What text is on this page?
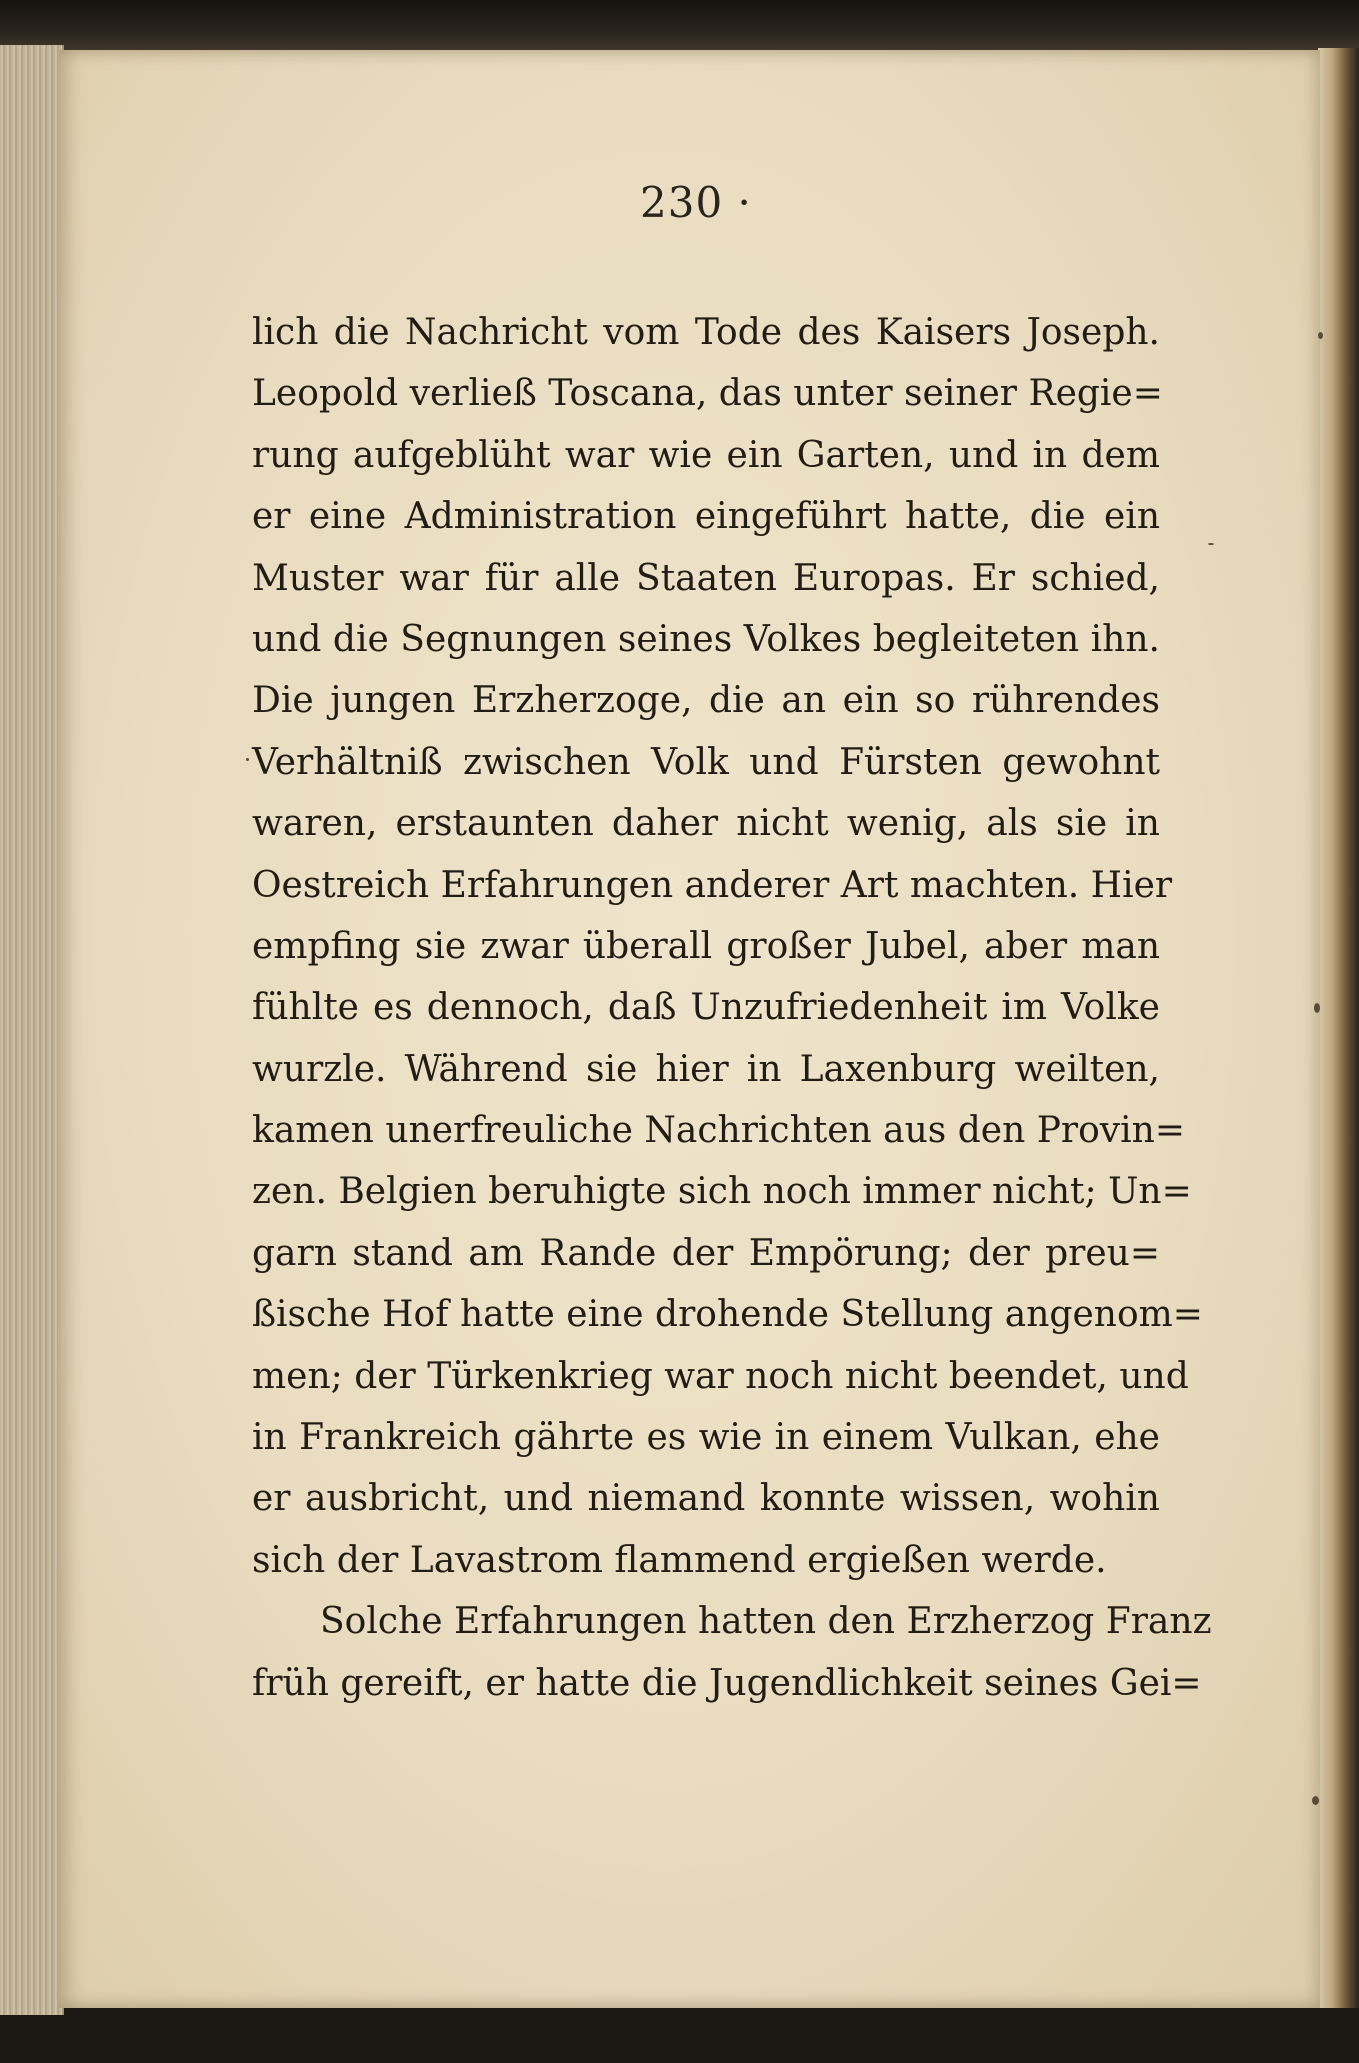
230 ·
lich die Nachricht vom Tode des Kaisers Joseph.
Leopold verließ Toscana, das unter seiner Regie=
rung aufgeblüht war wie ein Garten, und in dem
er eine Administration eingeführt hatte, die ein
Muster war für alle Staaten Europas. Er schied,
und die Segnungen seines Volkes begleiteten ihn.
Die jungen Erzherzoge, die an ein so rührendes
Verhältniß zwischen Volk und Fürsten gewohnt
waren, erstaunten daher nicht wenig, als sie in
Oestreich Erfahrungen anderer Art machten. Hier
empfing sie zwar überall großer Jubel, aber man
fühlte es dennoch, daß Unzufriedenheit im Volke
wurzle. Während sie hier in Laxenburg weilten,
kamen unerfreuliche Nachrichten aus den Provin=
zen. Belgien beruhigte sich noch immer nicht; Un=
garn stand am Rande der Empörung; der preu=
ßische Hof hatte eine drohende Stellung angenom=
men; der Türkenkrieg war noch nicht beendet, und
in Frankreich gährte es wie in einem Vulkan, ehe
er ausbricht, und niemand konnte wissen, wohin
sich der Lavastrom flammend ergießen werde.
Solche Erfahrungen hatten den Erzherzog Franz
früh gereift, er hatte die Jugendlichkeit seines Gei=
